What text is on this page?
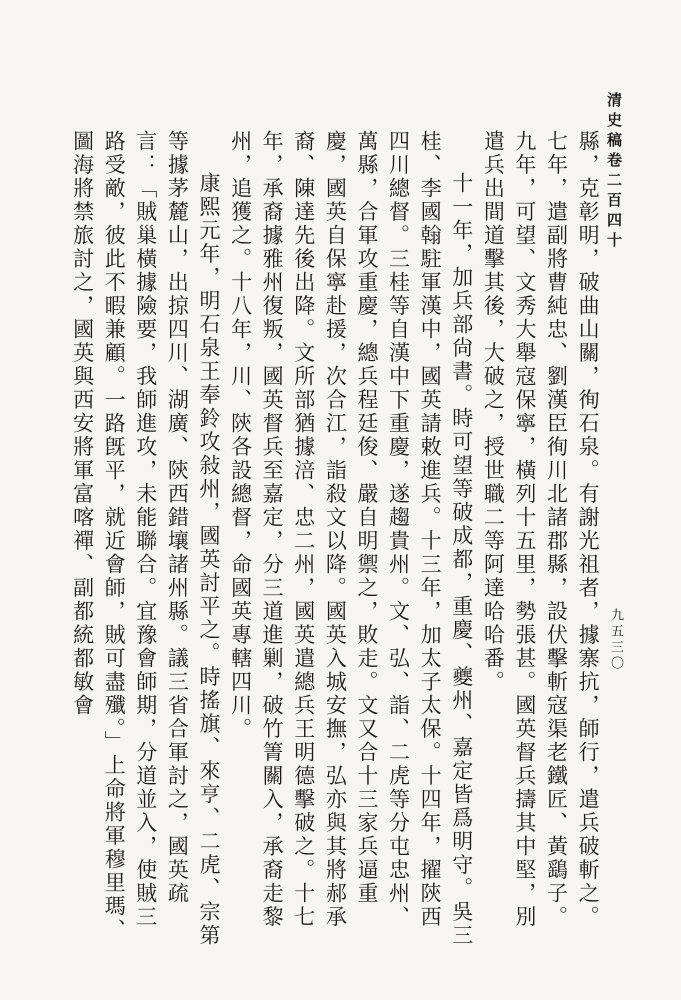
清史稿卷二百四十
九五三〇

縣，克彰明，破曲山關，徇石泉。有謝光祖者，據寨抗，師行，遣兵破斬之。七年，遣副將曹純忠、劉漢臣徇川北諸郡縣，設伏擊斬寇渠老鐵匠、黃鷂子。九年，可望、文秀大舉寇保寧，橫列十五里，勢張甚。國英督兵擣其中堅，別遣兵出間道擊其後，大破之，授世職二等阿達哈哈番。

十一年，加兵部尙書。時可望等破成都，重慶、夔州、嘉定皆爲明守。吳三桂、李國翰駐軍漢中，國英請敕進兵。十三年，加太子太保。十四年，擢陝西四川總督。三桂等自漢中下重慶，遂趨貴州。文、弘、詣、二虎等分屯忠州、萬縣，合軍攻重慶，總兵程廷俊、嚴自明禦之，敗走。文又合十三家兵逼重慶，國英自保寧赴援，次合江，詣殺文以降。國英入城安撫，弘亦與其將郝承裔、陳達先後出降。文所部猶據涪、忠二州，國英遣總兵王明德擊破之。十七年，承裔據雅州復叛，國英督兵至嘉定，分三道進剿，破竹箐關入，承裔走黎州，追獲之。十八年，川、陝各設總督，命國英專轄四川。

康熙元年，明石泉王奉鈴攻敍州，國英討平之。時搖旗、來亨、二虎、宗第等據茅麓山，出掠四川、湖廣、陝西錯壤諸州縣。議三省合軍討之，國英疏言：「賊巢橫據險要，我師進攻，未能聯合。宜豫會師期，分道並入，使賊三路受敵，彼此不暇兼顧。一路旣平，就近會師，賊可盡殲。」上命將軍穆里瑪、圖海將禁旅討之，國英與西安將軍富喀禪、副都統都敏會
